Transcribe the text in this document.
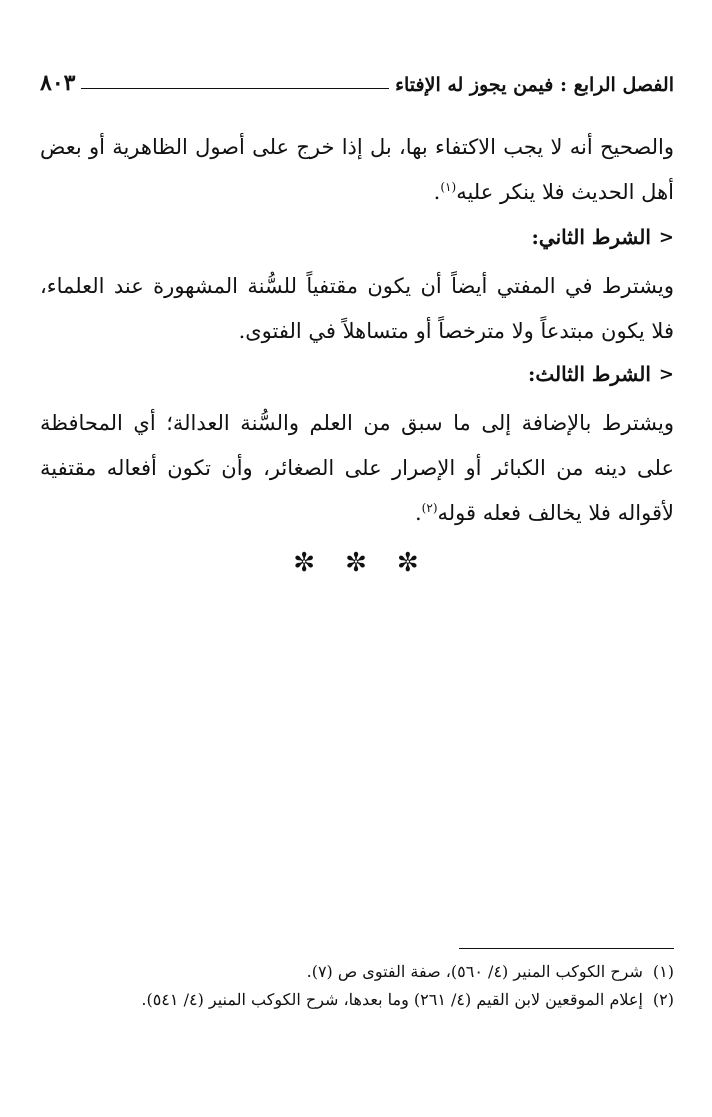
الفصل الرابع : فيمن يجوز له الإفتاء
٨٠٣
والصحيح أنه لا يجب الاكتفاء بها، بل إذا خرج على أصول الظاهرية أو بعض أهل الحديث فلا ينكر عليه$^{(١)}$.
<
الشرط الثاني:
ويشترط في المفتي أيضاً أن يكون مقتفياً للسُّنة المشهورة عند العلماء، فلا يكون مبتدعاً ولا مترخصاً أو متساهلاً في الفتوى.
<
الشرط الثالث:
ويشترط بالإضافة إلى ما سبق من العلم والسُّنة العدالة؛ أي المحافظة على دينه من الكبائر أو الإصرار على الصغائر، وأن تكون أفعاله مقتفية لأقواله فلا يخالف فعله قوله$^{(٢)}$.
✼ ✼ ✼
(١)
شرح الكوكب المنير (٤/ ٥٦٠)، صفة الفتوى ص (٧).
(٢)
إعلام الموقعين لابن القيم (٤/ ٢٦١) وما بعدها، شرح الكوكب المنير (٤/ ٥٤١).
